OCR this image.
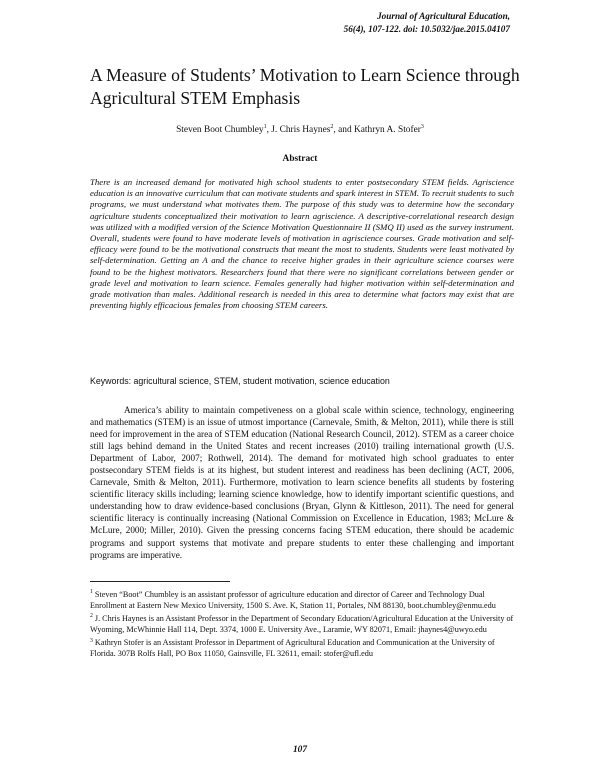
Journal of Agricultural Education,
56(4), 107-122. doi: 10.5032/jae.2015.04107
A Measure of Students’ Motivation to Learn Science through Agricultural STEM Emphasis
Steven Boot Chumbley$^1$, J. Chris Haynes$^2$, and Kathryn A. Stofer$^3$
Abstract

There is an increased demand for motivated high school students to enter postsecondary STEM fields. Agriscience education is an innovative curriculum that can motivate students and spark interest in STEM. To recruit students to such programs, we must understand what motivates them. The purpose of this study was to determine how the secondary agriculture students conceptualized their motivation to learn agriscience. A descriptive-correlational research design was utilized with a modified version of the Science Motivation Questionnaire II (SMQ II) used as the survey instrument. Overall, students were found to have moderate levels of motivation in agriscience courses. Grade motivation and self-efficacy were found to be the motivational constructs that meant the most to students. Students were least motivated by self-determination. Getting an A and the chance to receive higher grades in their agriculture science courses were found to be the highest motivators. Researchers found that there were no significant correlations between gender or grade level and motivation to learn science. Females generally had higher motivation within self-determination and grade motivation than males. Additional research is needed in this area to determine what factors may exist that are preventing highly efficacious females from choosing STEM careers.

Keywords: agricultural science, STEM, student motivation, science education

America’s ability to maintain competiveness on a global scale within science, technology, engineering and mathematics (STEM) is an issue of utmost importance (Carnevale, Smith, & Melton, 2011), while there is still need for improvement in the area of STEM education (National Research Council, 2012). STEM as a career choice still lags behind demand in the United States and recent increases (2010) trailing international growth (U.S. Department of Labor, 2007; Rothwell, 2014). The demand for motivated high school graduates to enter postsecondary STEM fields is at its highest, but student interest and readiness has been declining (ACT, 2006, Carnevale, Smith & Melton, 2011). Furthermore, motivation to learn science benefits all students by fostering scientific literacy skills including; learning science knowledge, how to identify important scientific questions, and understanding how to draw evidence-based conclusions (Bryan, Glynn & Kittleson, 2011). The need for general scientific literacy is continually increasing (National Commission on Excellence in Education, 1983; McLure & McLure, 2000; Miller, 2010). Given the pressing concerns facing STEM education, there should be academic programs and support systems that motivate and prepare students to enter these challenging and important programs are imperative.

$^1$ Steven “Boot” Chumbley is an assistant professor of agriculture education and director of Career and Technology Dual Enrollment at Eastern New Mexico University, 1500 S. Ave. K, Station 11, Portales, NM 88130, boot.chumbley@enmu.edu

$^2$ J. Chris Haynes is an Assistant Professor in the Department of Secondary Education/Agricultural Education at the University of Wyoming, McWhinnie Hall 114, Dept. 3374, 1000 E. University Ave., Laramie, WY 82071, Email: jhaynes4@uwyo.edu

$^3$ Kathryn Stofer is an Assistant Professor in Department of Agricultural Education and Communication at the University of Florida. 307B Rolfs Hall, PO Box 11050, Gainsville, FL 32611, email: stofer@ufl.edu

107
